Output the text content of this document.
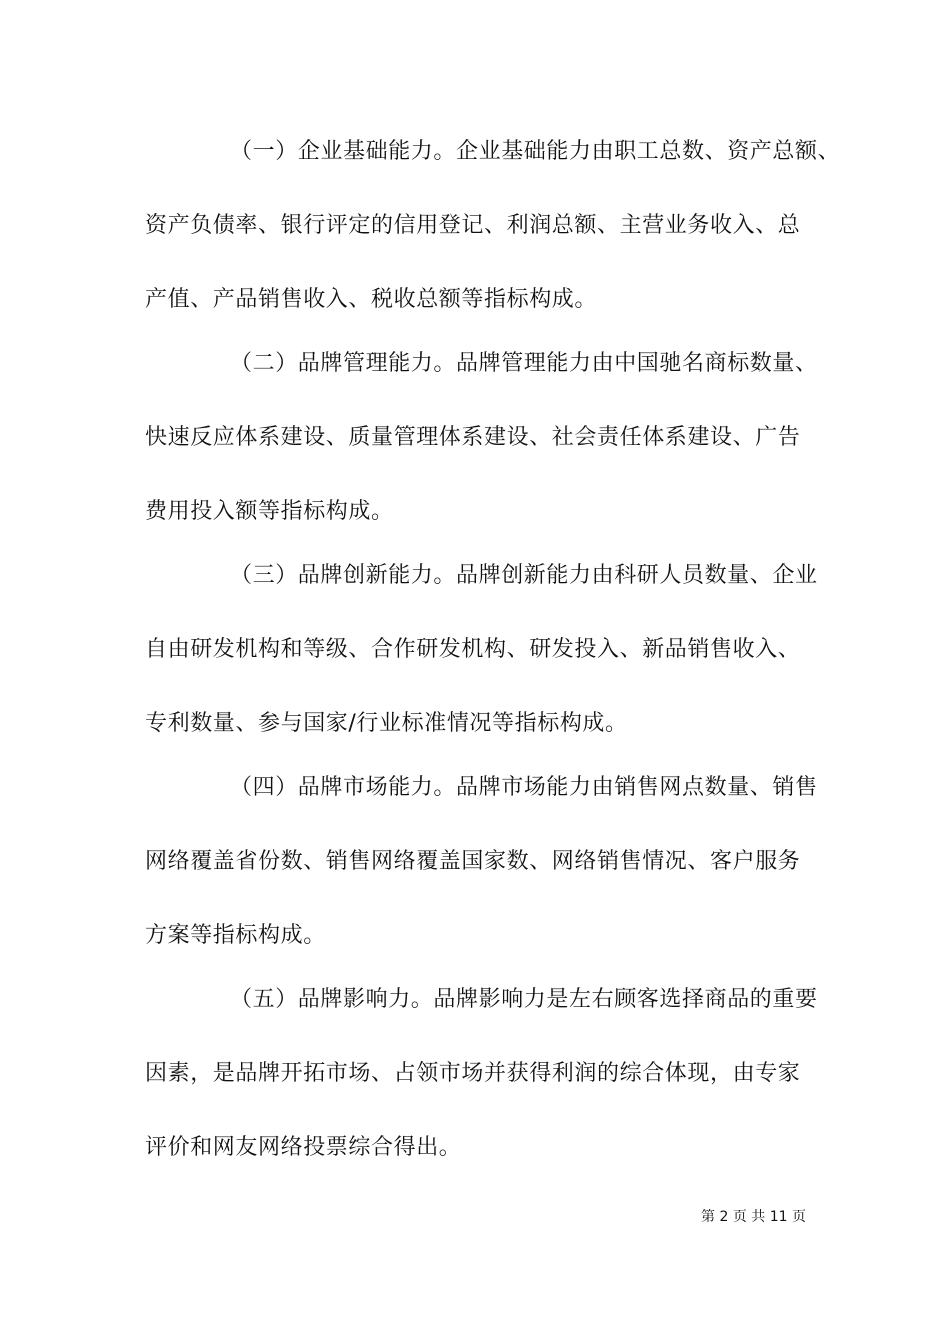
（一）企业基础能力。企业基础能力由职工总数、资产总额、
资产负债率、银行评定的信用登记、利润总额、主营业务收入、总
产值、产品销售收入、税收总额等指标构成。
（二）品牌管理能力。品牌管理能力由中国驰名商标数量、
快速反应体系建设、质量管理体系建设、社会责任体系建设、广告
费用投入额等指标构成。
（三）品牌创新能力。品牌创新能力由科研人员数量、企业
自由研发机构和等级、合作研发机构、研发投入、新品销售收入、
专利数量、参与国家/行业标准情况等指标构成。
（四）品牌市场能力。品牌市场能力由销售网点数量、销售
网络覆盖省份数、销售网络覆盖国家数、网络销售情况、客户服务
方案等指标构成。
（五）品牌影响力。品牌影响力是左右顾客选择商品的重要
因素，是品牌开拓市场、占领市场并获得利润的综合体现，由专家
评价和网友网络投票综合得出。
第 2 页 共 11 页
